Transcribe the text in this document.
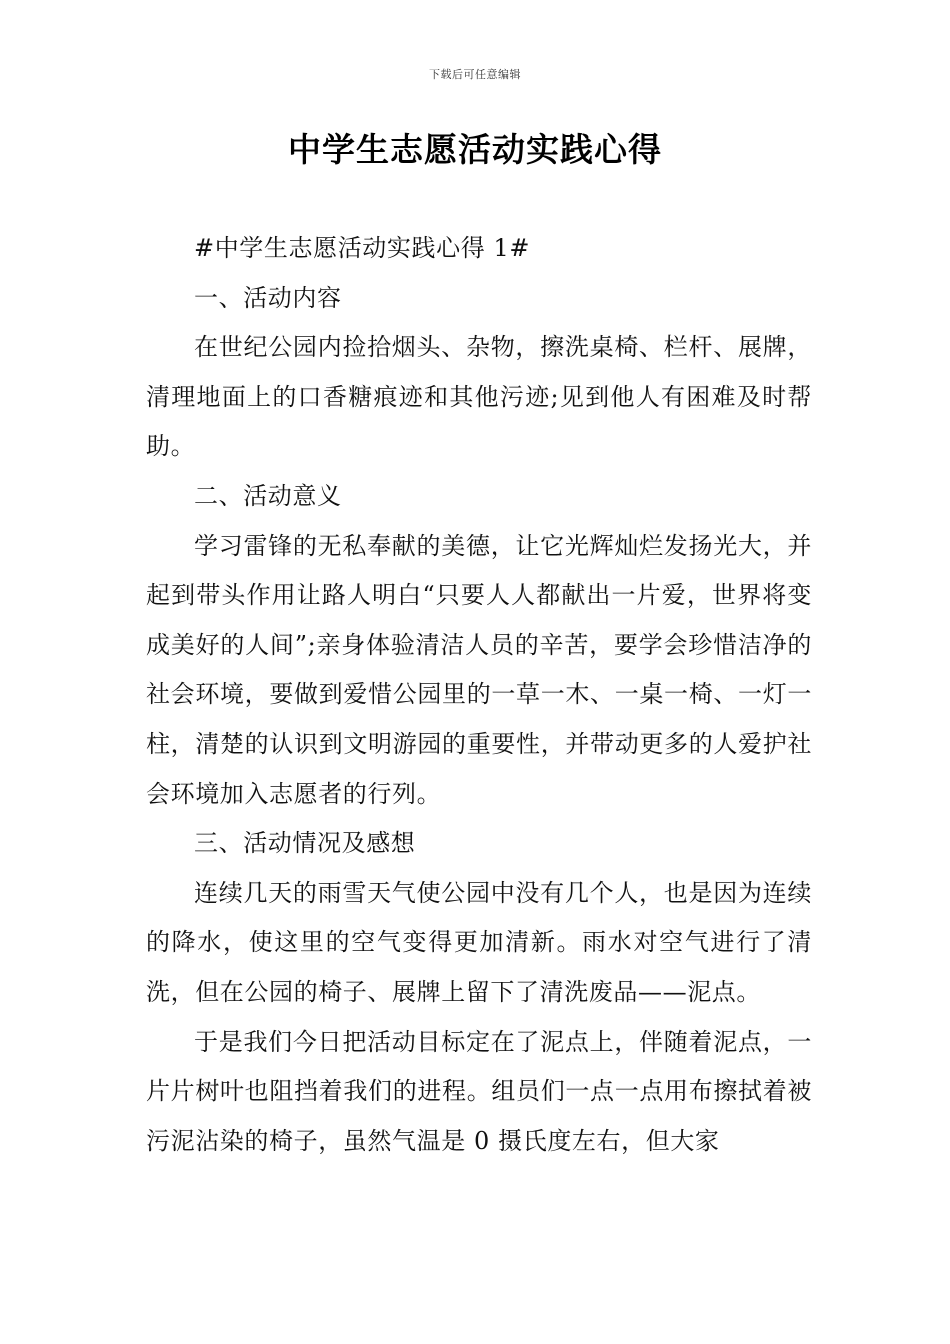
下载后可任意编辑
中学生志愿活动实践心得

#中学生志愿活动实践心得 1#

一、活动内容

在世纪公园内捡拾烟头、杂物，擦洗桌椅、栏杆、展牌，清理地面上的口香糖痕迹和其他污迹;见到他人有困难及时帮助。

二、活动意义

学习雷锋的无私奉献的美德，让它光辉灿烂发扬光大，并起到带头作用让路人明白“只要人人都献出一片爱，世界将变成美好的人间”;亲身体验清洁人员的辛苦，要学会珍惜洁净的社会环境，要做到爱惜公园里的一草一木、一桌一椅、一灯一柱，清楚的认识到文明游园的重要性，并带动更多的人爱护社会环境加入志愿者的行列。

三、活动情况及感想

连续几天的雨雪天气使公园中没有几个人，也是因为连续的降水，使这里的空气变得更加清新。雨水对空气进行了清洗，但在公园的椅子、展牌上留下了清洗废品——泥点。

于是我们今日把活动目标定在了泥点上，伴随着泥点，一片片树叶也阻挡着我们的进程。组员们一点一点用布擦拭着被污泥沾染的椅子，虽然气温是 0 摄氏度左右，但大家
